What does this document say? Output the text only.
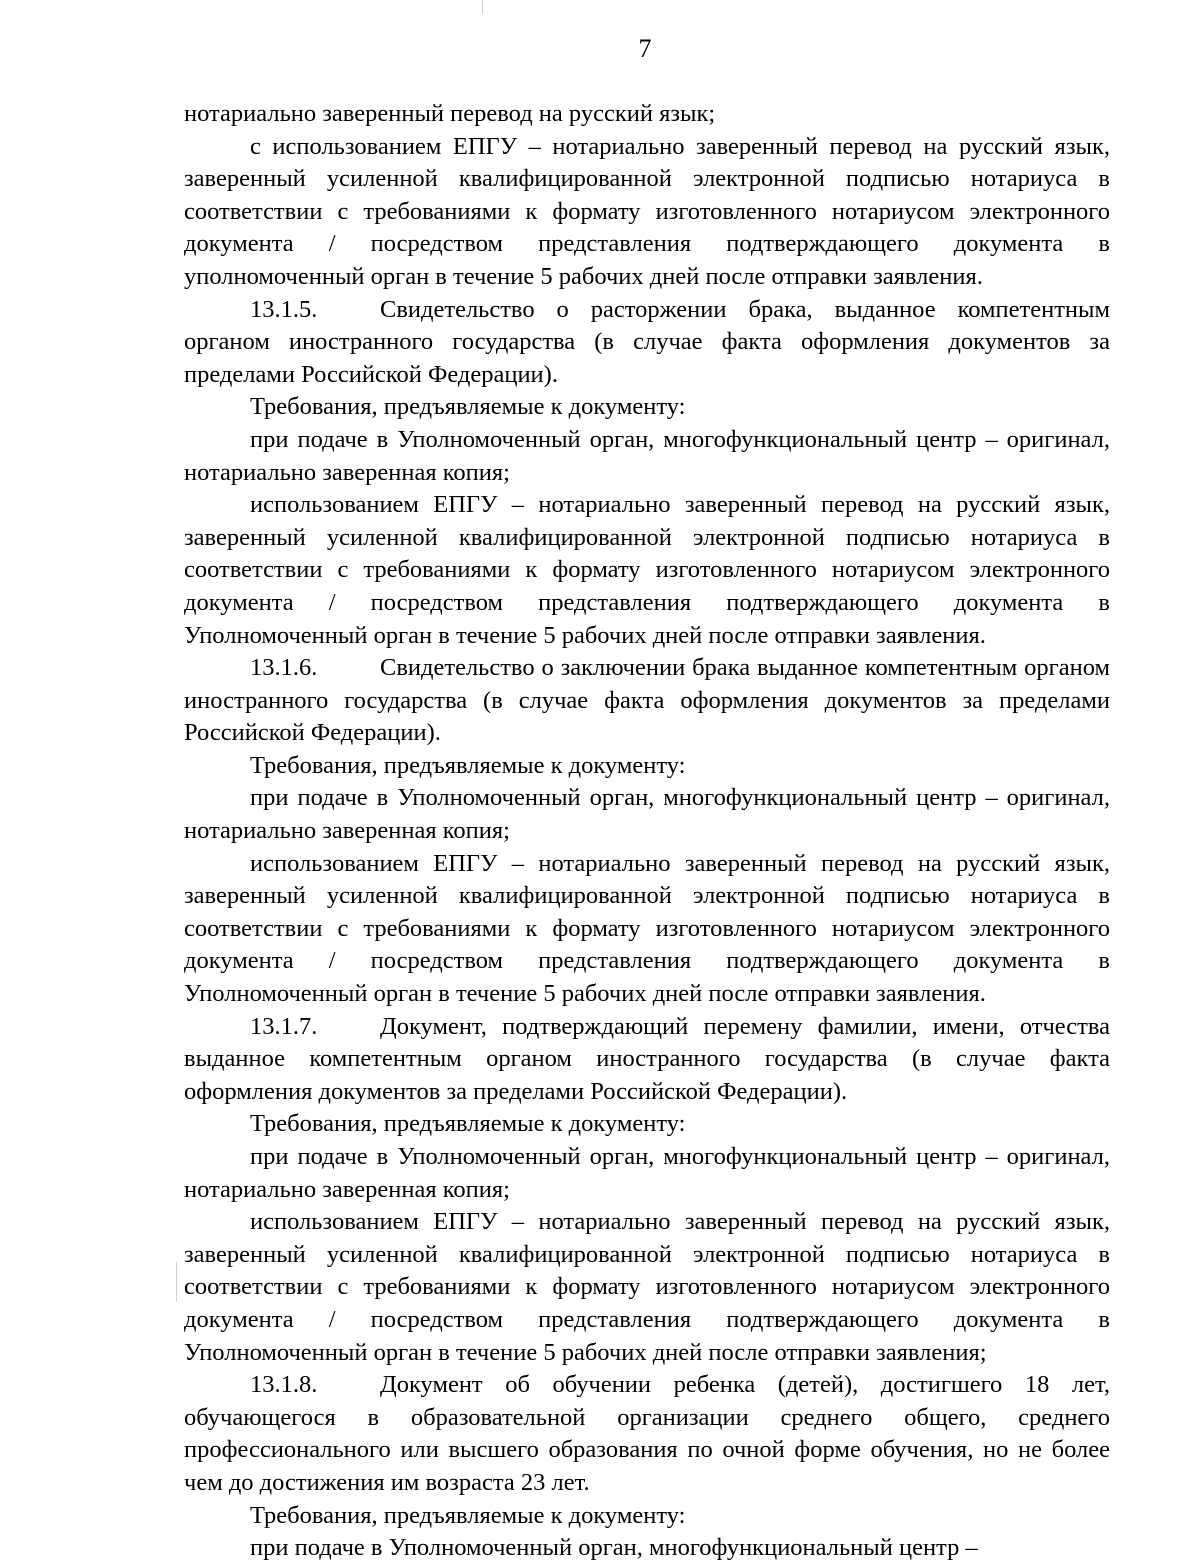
7

нотариально заверенный перевод на русский язык;

с использованием ЕПГУ – нотариально заверенный перевод на русский язык, заверенный усиленной квалифицированной электронной подписью нотариуса в соответствии с требованиями к формату изготовленного нотариусом электронного документа / посредством представления подтверждающего документа в уполномоченный орган в течение 5 рабочих дней после отправки заявления.

13.1.5.	Свидетельство о расторжении брака, выданное компетентным органом иностранного государства (в случае факта оформления документов за пределами Российской Федерации).

Требования, предъявляемые к документу:

при подаче в Уполномоченный орган, многофункциональный центр – оригинал, нотариально заверенная копия;

использованием ЕПГУ – нотариально заверенный перевод на русский язык, заверенный усиленной квалифицированной электронной подписью нотариуса в соответствии с требованиями к формату изготовленного нотариусом электронного документа / посредством представления подтверждающего документа в Уполномоченный орган в течение 5 рабочих дней после отправки заявления.

13.1.6.	Свидетельство о заключении брака выданное компетентным органом иностранного государства (в случае факта оформления документов за пределами Российской Федерации).

Требования, предъявляемые к документу:

при подаче в Уполномоченный орган, многофункциональный центр – оригинал, нотариально заверенная копия;

использованием ЕПГУ – нотариально заверенный перевод на русский язык, заверенный усиленной квалифицированной электронной подписью нотариуса в соответствии с требованиями к формату изготовленного нотариусом электронного документа / посредством представления подтверждающего документа в Уполномоченный орган в течение 5 рабочих дней после отправки заявления.

13.1.7.	Документ, подтверждающий перемену фамилии, имени, отчества выданное компетентным органом иностранного государства (в случае факта оформления документов за пределами Российской Федерации).

Требования, предъявляемые к документу:

при подаче в Уполномоченный орган, многофункциональный центр – оригинал, нотариально заверенная копия;

использованием ЕПГУ – нотариально заверенный перевод на русский язык, заверенный усиленной квалифицированной электронной подписью нотариуса в соответствии с требованиями к формату изготовленного нотариусом электронного документа / посредством представления подтверждающего документа в Уполномоченный орган в течение 5 рабочих дней после отправки заявления;

13.1.8.	Документ об обучении ребенка (детей), достигшего 18 лет, обучающегося в образовательной организации среднего общего, среднего профессионального или высшего образования по очной форме обучения, но не более чем до достижения им возраста 23 лет.

Требования, предъявляемые к документу:

при подаче в Уполномоченный орган, многофункциональный центр –
